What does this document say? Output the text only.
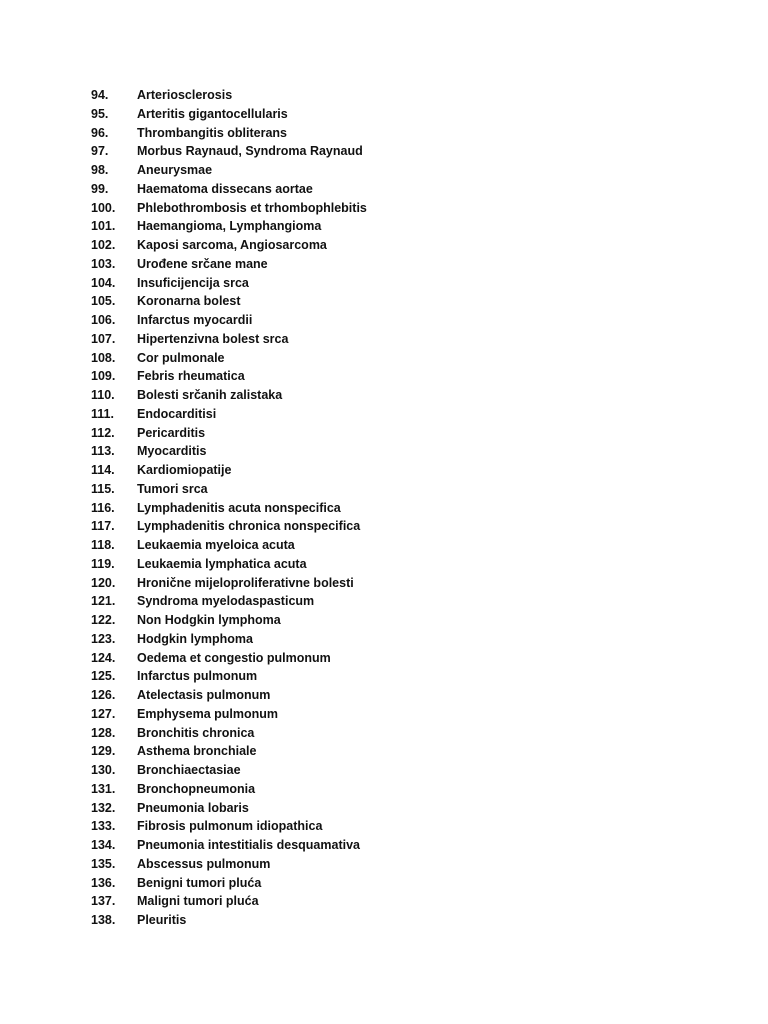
94.	Arteriosclerosis
95.	Arteritis gigantocellularis
96.	Thrombangitis obliterans
97.	Morbus Raynaud, Syndroma Raynaud
98.	Aneurysmae
99.	Haematoma dissecans aortae
100.	Phlebothrombosis et trhombophlebitis
101.	Haemangioma, Lymphangioma
102.	Kaposi sarcoma, Angiosarcoma
103.	Urođene srčane mane
104.	Insuficijencija srca
105.	Koronarna bolest
106.	Infarctus myocardii
107.	Hipertenzivna bolest srca
108.	Cor pulmonale
109.	Febris rheumatica
110.	Bolesti srčanih zalistaka
111.	Endocarditisi
112.	Pericarditis
113.	Myocarditis
114.	Kardiomiopatije
115.	Tumori srca
116.	Lymphadenitis acuta nonspecifica
117.	Lymphadenitis chronica nonspecifica
118.	Leukaemia myeloica acuta
119.	Leukaemia lymphatica acuta
120.	Hronične mijeloproliferativne bolesti
121.	Syndroma myelodaspasticum
122.	Non Hodgkin lymphoma
123.	Hodgkin lymphoma
124.	Oedema et congestio pulmonum
125.	Infarctus pulmonum
126.	Atelectasis pulmonum
127.	Emphysema pulmonum
128.	Bronchitis chronica
129.	Asthema bronchiale
130.	Bronchiaectasiae
131.	Bronchopneumonia
132.	Pneumonia lobaris
133.	Fibrosis pulmonum idiopathica
134.	Pneumonia intestitialis desquamativa
135.	Abscessus pulmonum
136.	Benigni tumori pluća
137.	Maligni tumori pluća
138.	Pleuritis
